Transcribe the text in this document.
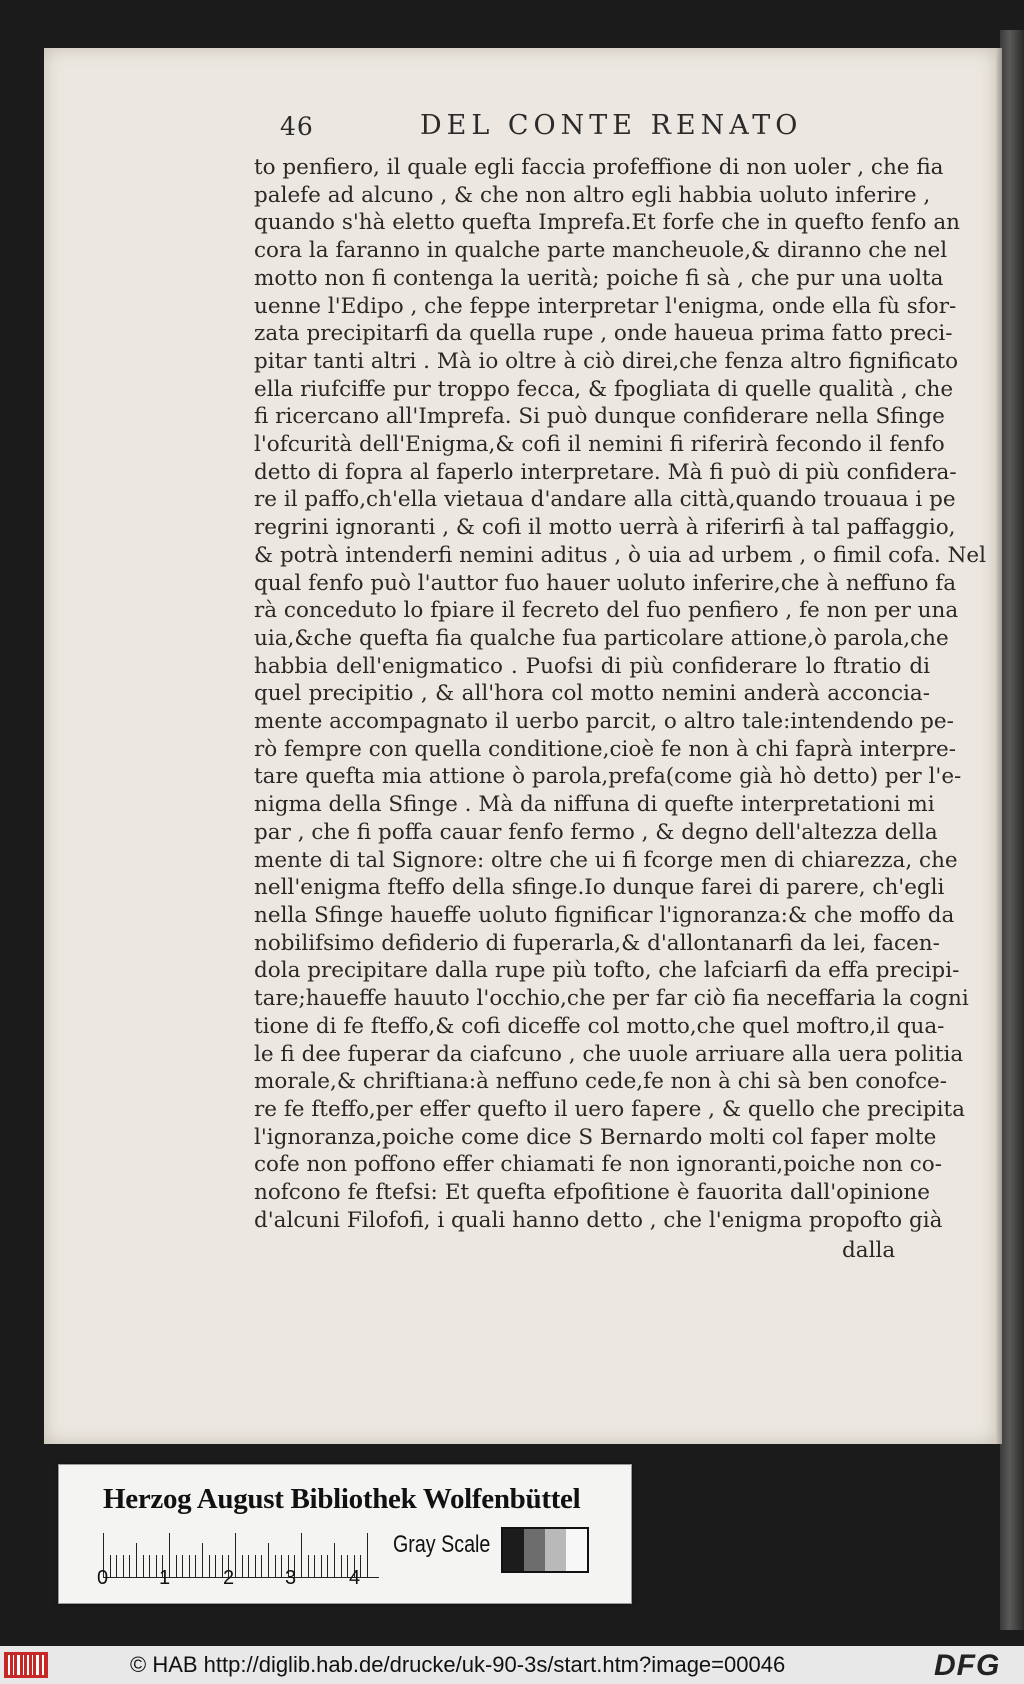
46	DEL CONTE RENATO
to penfiero, il quale egli faccia profeffione di non uoler , che fia
palefe ad alcuno , & che non altro egli habbia uoluto inferire ,
quando s'hà eletto quefta Imprefa.Et forfe che in quefto fenfo an
cora la faranno in qualche parte mancheuole,& diranno che nel
motto non fi contenga la uerità; poiche fi sà , che pur una uolta
uenne l'Edipo , che feppe interpretar l'enigma, onde ella fù sfor-
zata precipitarfi da quella rupe , onde haueua prima fatto preci-
pitar tanti altri . Mà io oltre à ciò direi,che fenza altro fignificato
ella riufciffe pur troppo fecca, & fpogliata di quelle qualità , che
fi ricercano all'Imprefa. Si può dunque confiderare nella Sfinge
l'ofcurità dell'Enigma,& cofi il nemini fi riferirà fecondo il fenfo
detto di fopra al faperlo interpretare. Mà fi può di più confidera-
re il paffo,ch'ella vietaua d'andare alla città,quando trouaua i pe
regrini ignoranti , & cofi il motto uerrà à riferirfi à tal paffaggio,
& potrà intenderfi nemini aditus , ò uia ad urbem , o fimil cofa. Nel
qual fenfo può l'auttor fuo hauer uoluto inferire,che à neffuno fa
rà conceduto lo fpiare il fecreto del fuo penfiero , fe non per una
uia,&che quefta fia qualche fua particolare attione,ò parola,che
habbia dell'enigmatico . Puofsi di più confiderare lo ftratio di
quel precipitio , & all'hora col motto nemini anderà acconcia-
mente accompagnato il uerbo parcit, o altro tale:intendendo pe-
rò fempre con quella conditione,cioè fe non à chi faprà interpre-
tare quefta mia attione ò parola,prefa(come già hò detto) per l'e-
nigma della Sfinge . Mà da niffuna di quefte interpretationi mi
par , che fi poffa cauar fenfo fermo , & degno dell'altezza della
mente di tal Signore: oltre che ui fi fcorge men di chiarezza, che
nell'enigma fteffo della sfinge.Io dunque farei di parere, ch'egli
nella Sfinge haueffe uoluto fignificar l'ignoranza:& che moffo da
nobilifsimo defiderio di fuperarla,& d'allontanarfi da lei, facen-
dola precipitare dalla rupe più tofto, che lafciarfi da effa precipi-
tare;haueffe hauuto l'occhio,che per far ciò fia neceffaria la cogni
tione di fe fteffo,& cofi diceffe col motto,che quel moftro,il qua-
le fi dee fuperar da ciafcuno , che uuole arriuare alla uera politia
morale,& chriftiana:à neffuno cede,fe non à chi sà ben conofce-
re fe fteffo,per effer quefto il uero fapere , & quello che precipita
l'ignoranza,poiche come dice S Bernardo molti col faper molte
cofe non poffono effer chiamati fe non ignoranti,poiche non co-
nofcono fe ftefsi: Et quefta efpofitione è fauorita dall'opinione
d'alcuni Filofofi, i quali hanno detto , che l'enigma propofto già
dalla
Herzog August Bibliothek Wolfenbüttel
0	1	2	3	4
Gray Scale
© HAB http://diglib.hab.de/drucke/uk-90-3s/start.htm?image=00046	DFG
